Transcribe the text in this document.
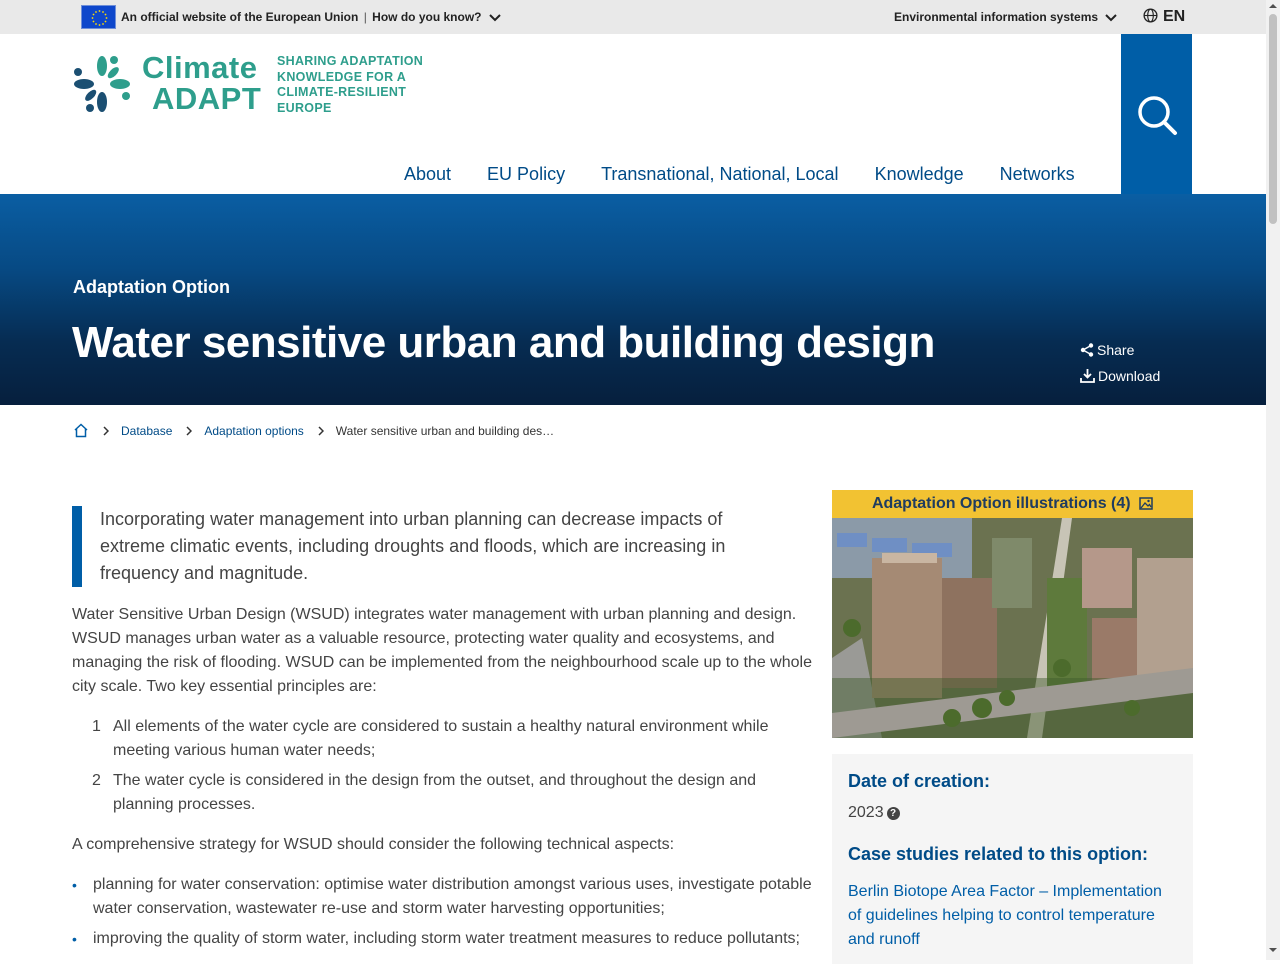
An official website of the European Union | How do you know?	Environmental information systems	EN
Climate
ADAPT
SHARING ADAPTATION KNOWLEDGE FOR A CLIMATE-RESILIENT EUROPE
About	EU Policy	Transnational, National, Local	Knowledge	Networks
Adaptation Option
Water sensitive urban and building design	Share
Download
Database	Adaptation options	Water sensitive urban and building des…
Incorporating water management into urban planning can decrease impacts of extreme climatic events, including droughts and floods, which are increasing in frequency and magnitude.
Water Sensitive Urban Design (WSUD) integrates water management with urban planning and design. WSUD manages urban water as a valuable resource, protecting water quality and ecosystems, and managing the risk of flooding. WSUD can be implemented from the neighbourhood scale up to the whole city scale. Two key essential principles are:
1 All elements of the water cycle are considered to sustain a healthy natural environment while meeting various human water needs;
2 The water cycle is considered in the design from the outset, and throughout the design and planning processes.
A comprehensive strategy for WSUD should consider the following technical aspects:
• planning for water conservation: optimise water distribution amongst various uses, investigate potable water conservation, wastewater re-use and storm water harvesting opportunities;
• improving the quality of storm water, including storm water treatment measures to reduce pollutants;
Adaptation Option illustrations (4)
Date of creation:
2023 ?
Case studies related to this option:
Berlin Biotope Area Factor – Implementation of guidelines helping to control temperature and runoff
